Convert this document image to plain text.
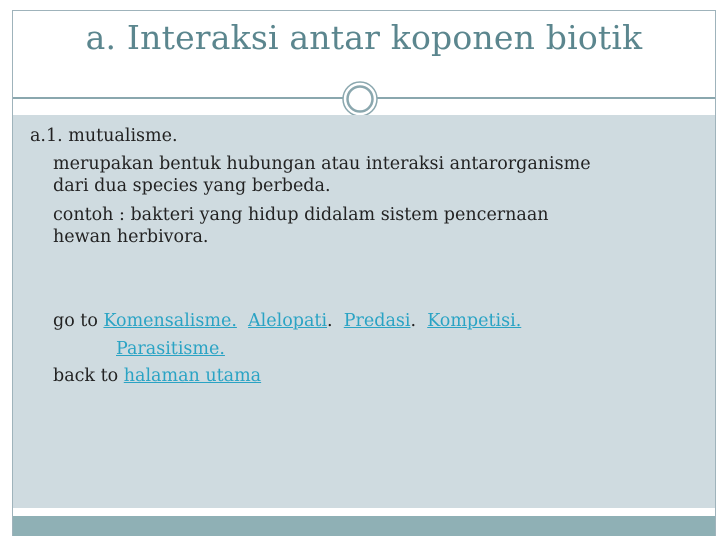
a. Interaksi antar koponen biotik
a.1. mutualisme.
merupakan bentuk hubungan atau interaksi antarorganisme
dari dua species yang berbeda.
contoh : bakteri yang hidup didalam sistem pencernaan
hewan herbivora.
go to Komensalisme. Alelopati. Predasi. Kompetisi.
Parasitisme.
back to halaman utama
